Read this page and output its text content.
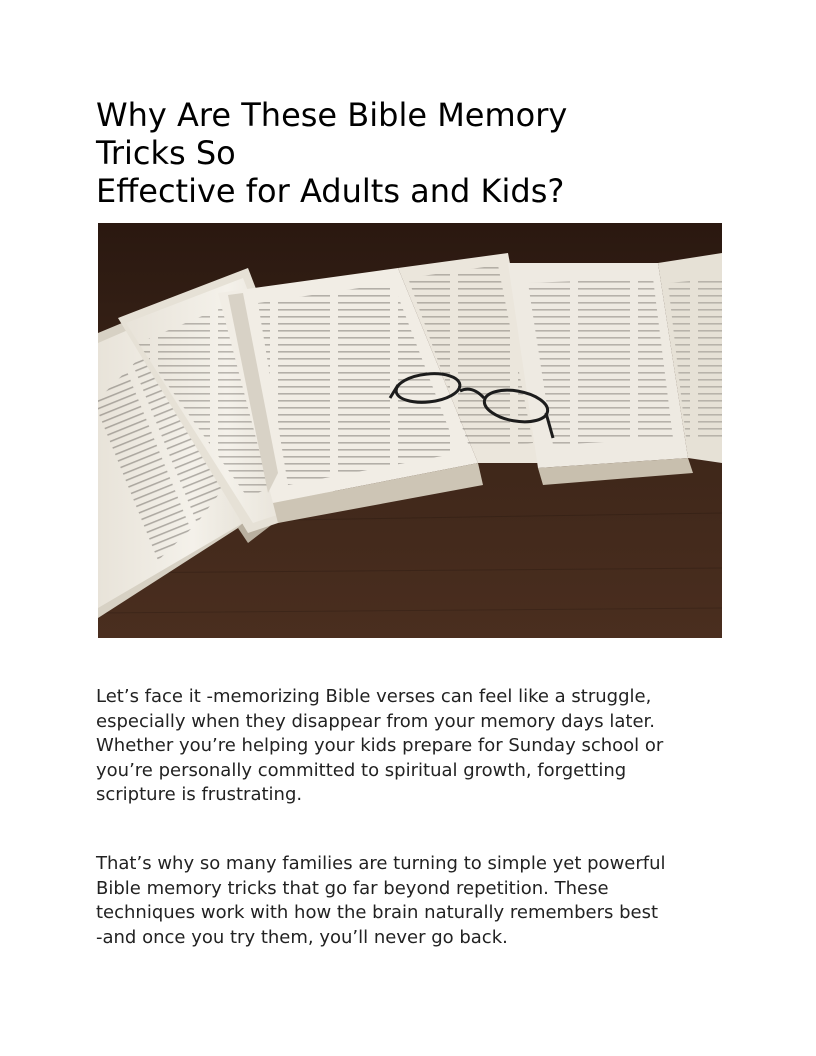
Why Are These Bible Memory
Tricks So
Effective for Adults and Kids?

Let’s face it -memorizing Bible verses can feel like a struggle,
especially when they disappear from your memory days later.
Whether you’re helping your kids prepare for Sunday school or
you’re personally committed to spiritual growth, forgetting
scripture is frustrating.

That’s why so many families are turning to simple yet powerful
Bible memory tricks that go far beyond repetition. These
techniques work with how the brain naturally remembers best
-and once you try them, you’ll never go back.
